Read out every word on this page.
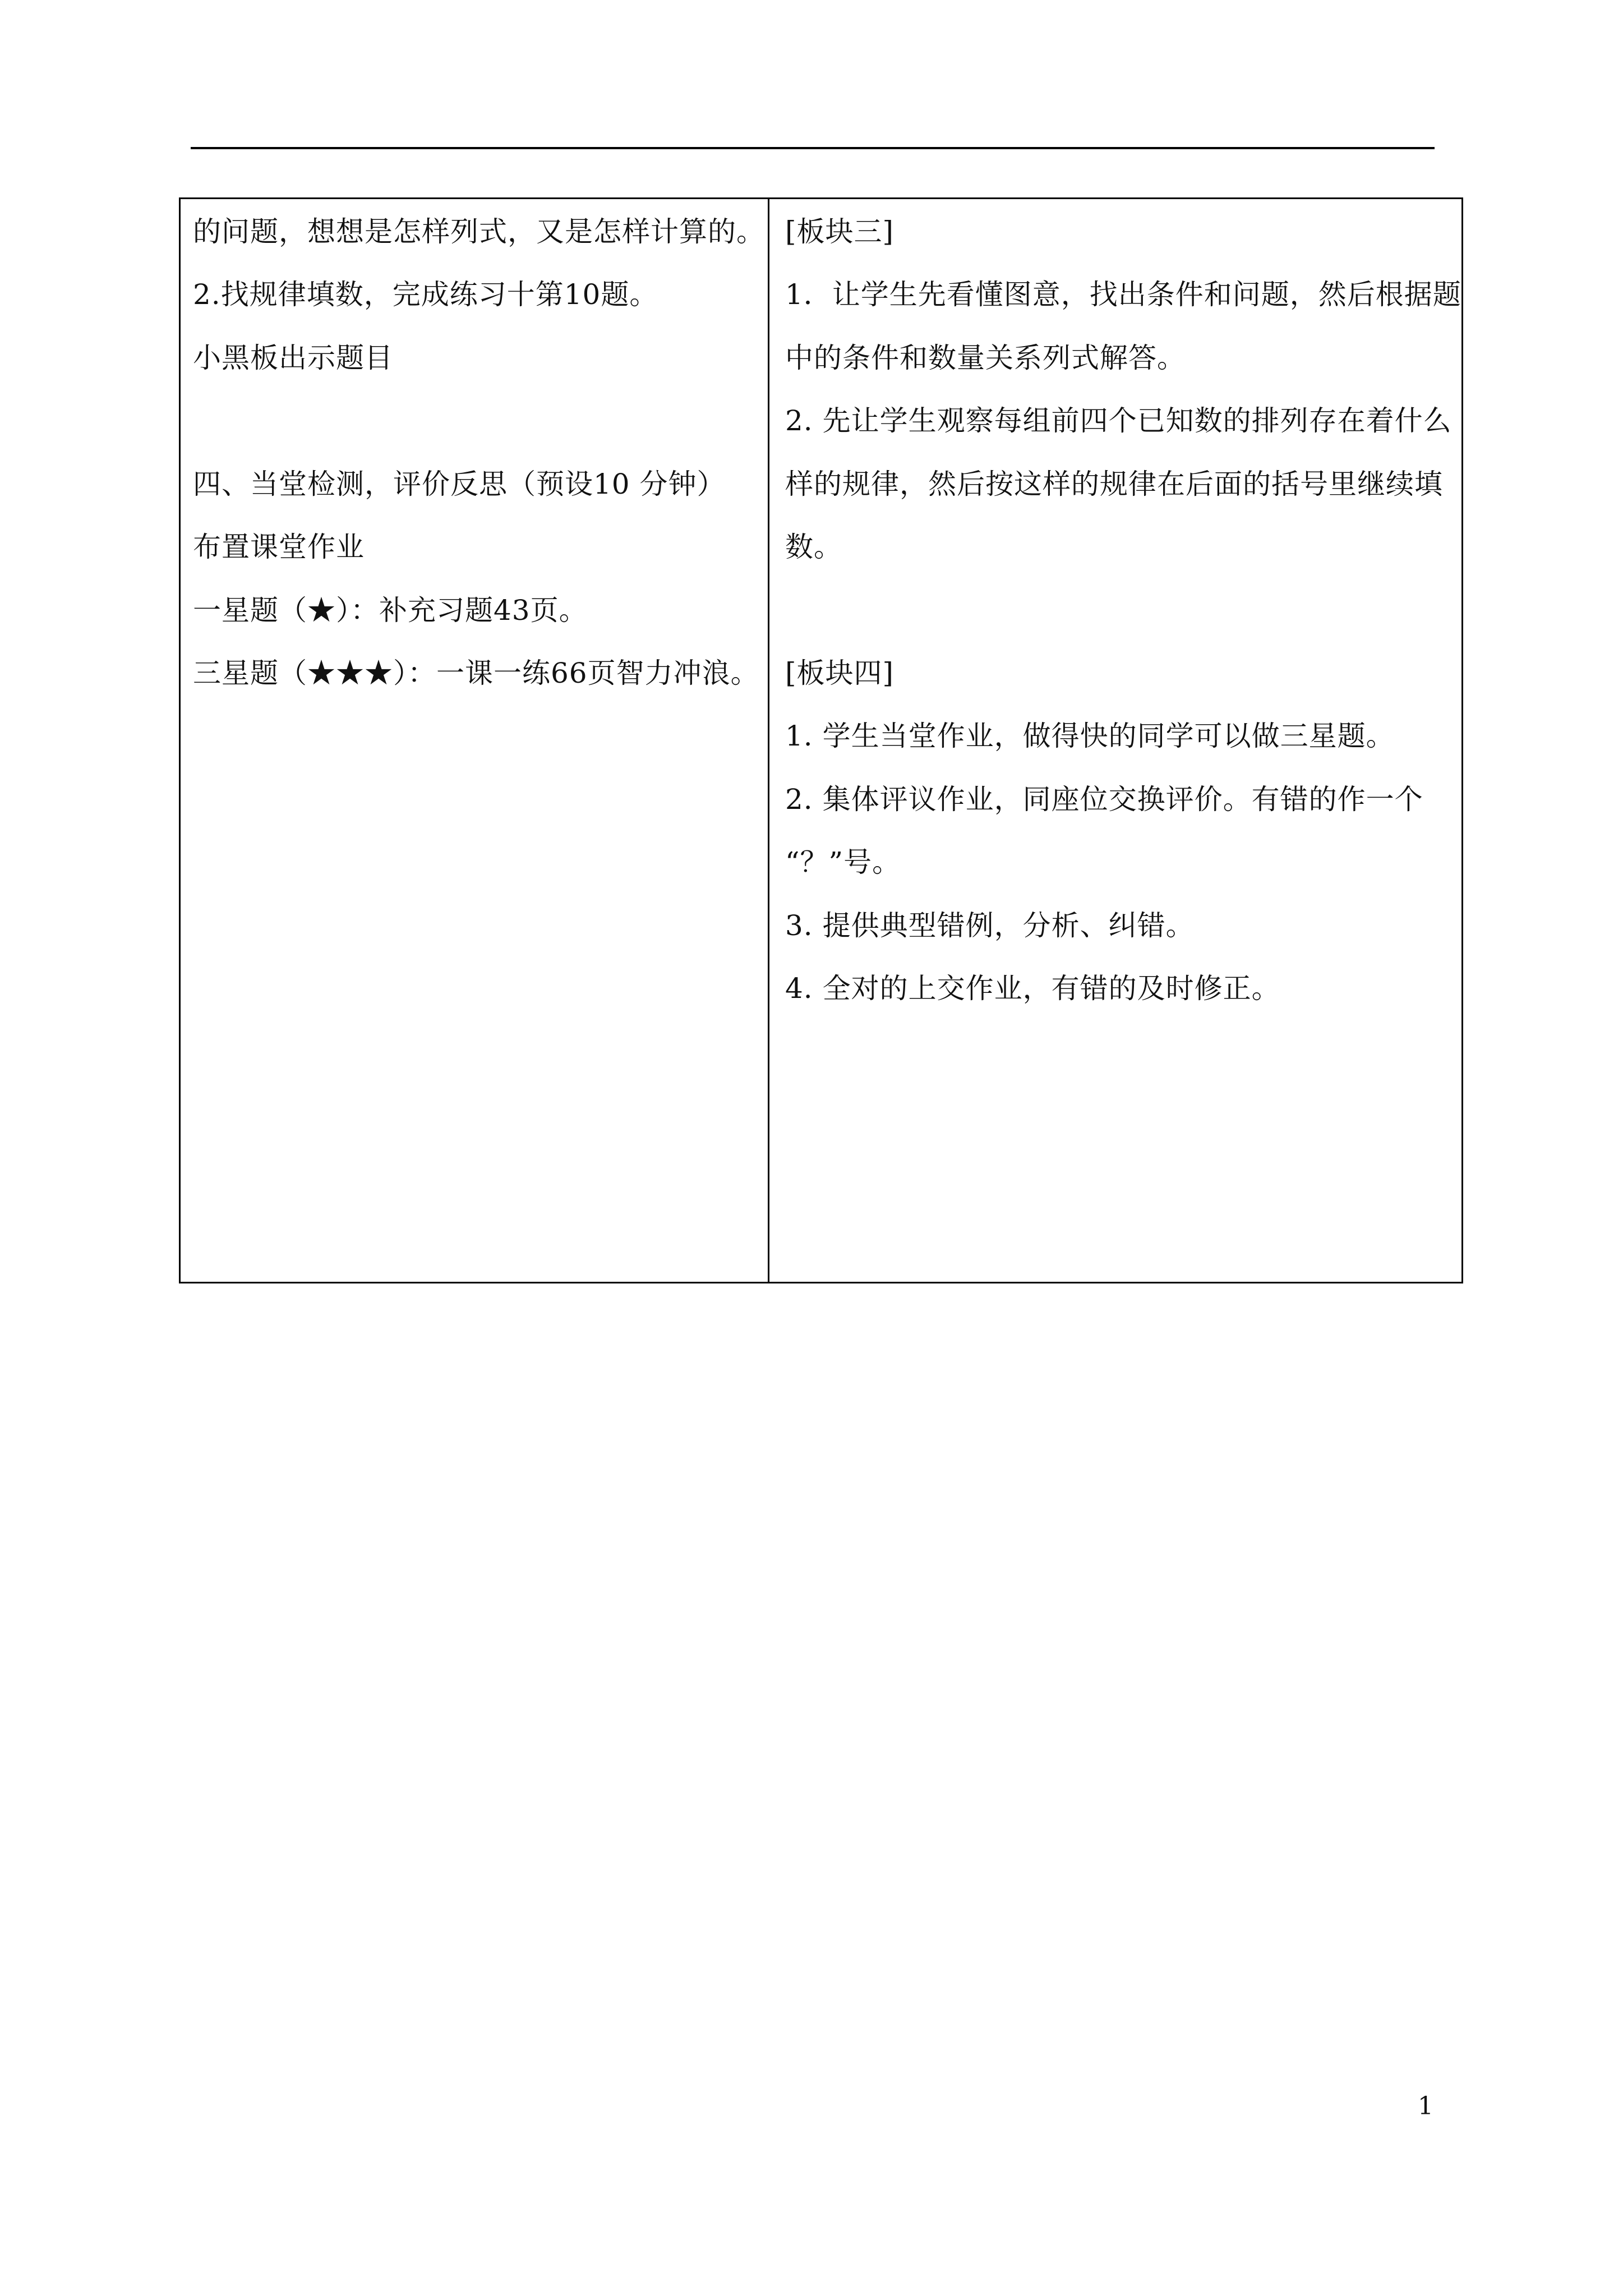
的问题，想想是怎样列式，又是怎样计算的。
2.找规律填数，完成练习十第10题。
小黑板出示题目
四、当堂检测，评价反思（预设10 分钟）
布置课堂作业
一星题（★）：补充习题43页。
三星题（★★★）：一课一练66页智力冲浪。
[板块三]
1．让学生先看懂图意，找出条件和问题，然后根据题
中的条件和数量关系列式解答。
2. 先让学生观察每组前四个已知数的排列存在着什么
样的规律，然后按这样的规律在后面的括号里继续填
数。
[板块四]
1. 学生当堂作业，做得快的同学可以做三星题。
2. 集体评议作业，同座位交换评价。有错的作一个
“？”号。
3. 提供典型错例，分析、纠错。
4. 全对的上交作业，有错的及时修正。
1
